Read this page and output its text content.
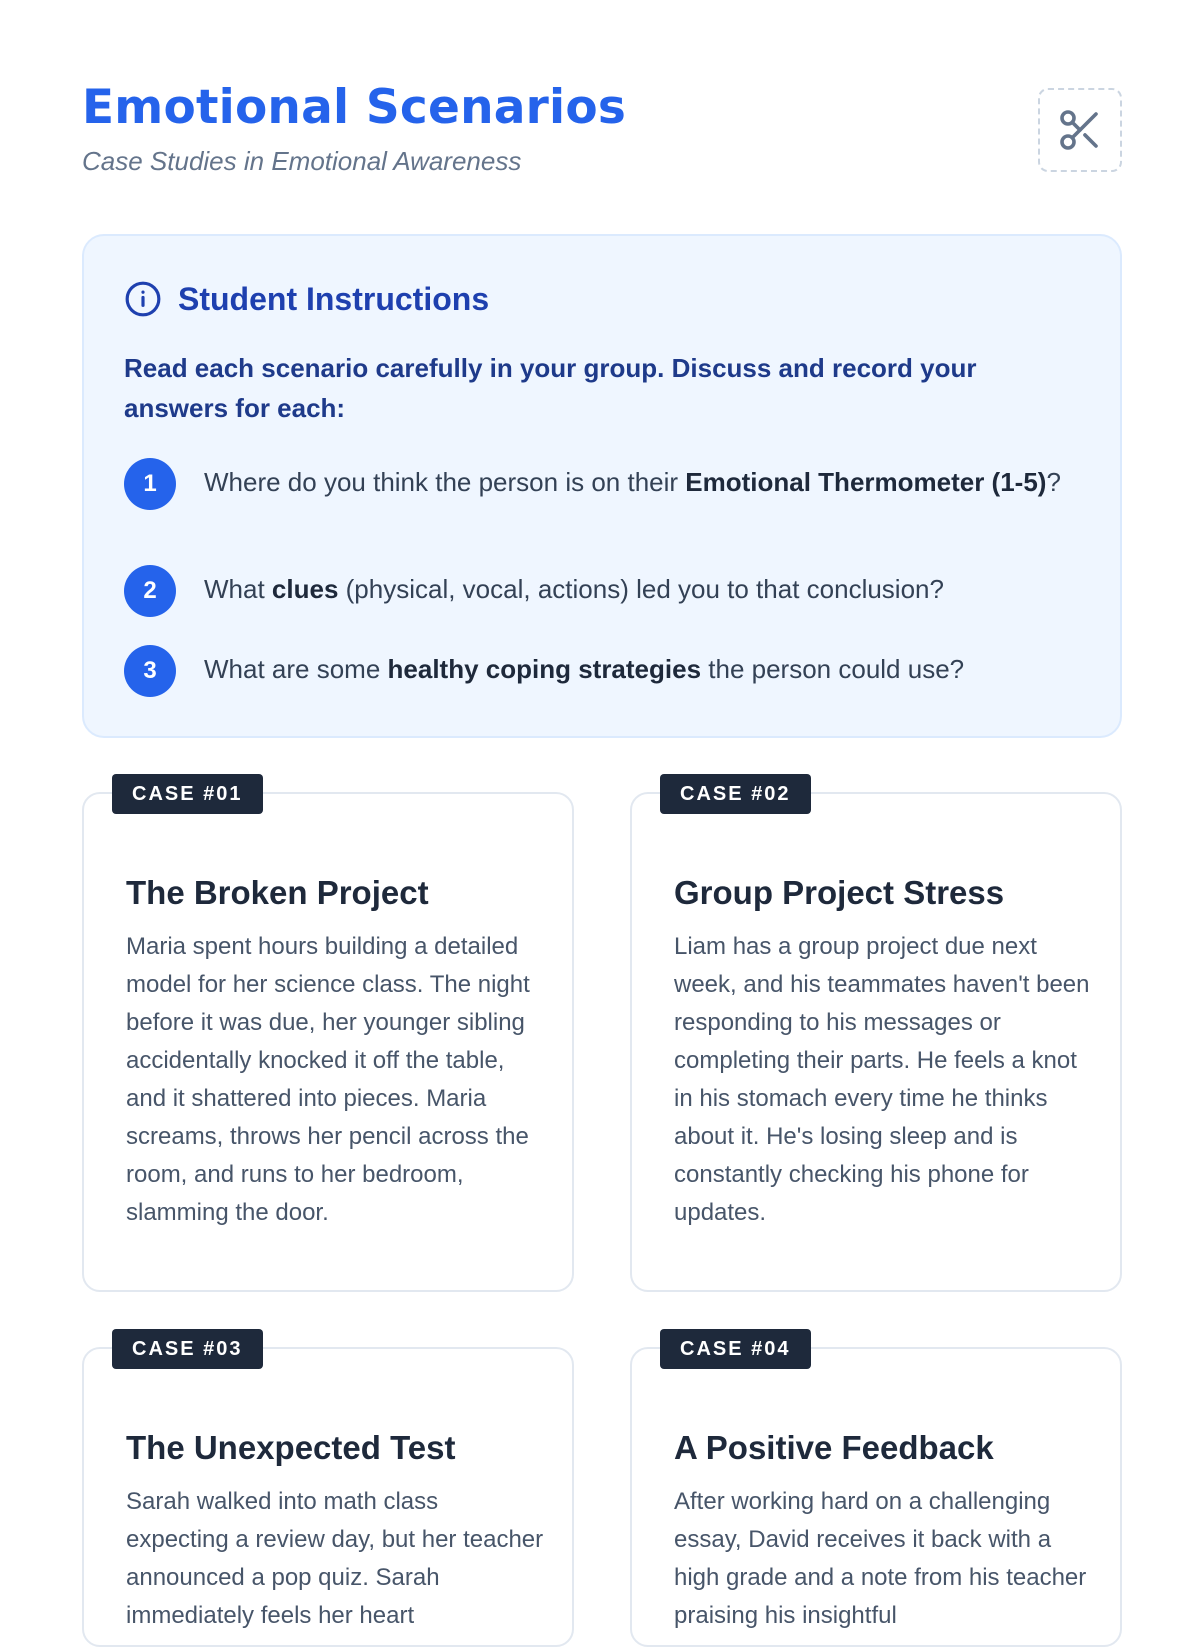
Emotional Scenarios
Case Studies in Emotional Awareness
Student Instructions
Read each scenario carefully in your group. Discuss and record your answers for each:
1	Where do you think the person is on their Emotional Thermometer (1-5)?
2	What clues (physical, vocal, actions) led you to that conclusion?
3	What are some healthy coping strategies the person could use?
CASE #01
The Broken Project
Maria spent hours building a detailed model for her science class. The night before it was due, her younger sibling accidentally knocked it off the table, and it shattered into pieces. Maria screams, throws her pencil across the room, and runs to her bedroom, slamming the door.
CASE #02
Group Project Stress
Liam has a group project due next week, and his teammates haven't been responding to his messages or completing their parts. He feels a knot in his stomach every time he thinks about it. He's losing sleep and is constantly checking his phone for updates.
CASE #03
The Unexpected Test
Sarah walked into math class expecting a review day, but her teacher announced a pop quiz. Sarah immediately feels her heart
CASE #04
A Positive Feedback
After working hard on a challenging essay, David receives it back with a high grade and a note from his teacher praising his insightful
